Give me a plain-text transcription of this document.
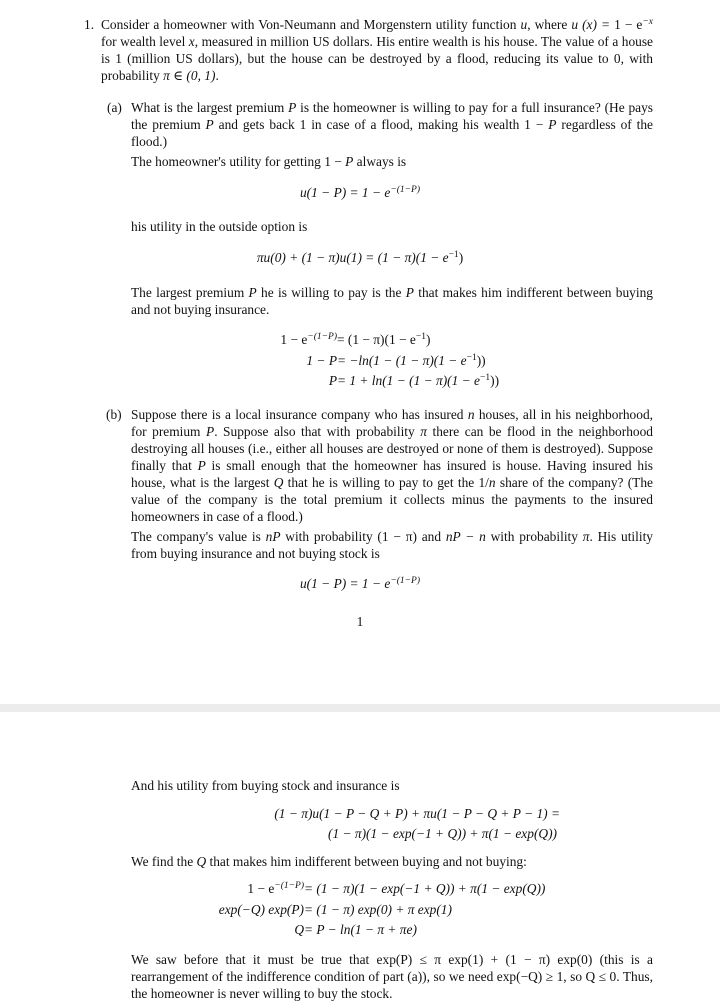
1. Consider a homeowner with Von-Neumann and Morgenstern utility function u, where u $(x) = 1 - e^{-x}$ for wealth level x, measured in million US dollars. His entire wealth is his house. The value of a house is 1 (million US dollars), but the house can be destroyed by a flood, reducing its value to 0, with probability π ∈ (0, 1).
(a) What is the largest premium P is the homeowner is willing to pay for a full insurance? (He pays the premium P and gets back 1 in case of a flood, making his wealth 1 − P regardless of the flood.)
The homeowner's utility for getting 1 − P always is
$u(1 - P) = 1 - e^{-(1-P)}$
his utility in the outside option is
$\pi u(0) + (1 - \pi)u(1) = (1 - \pi)(1 - e^{-1})$
The largest premium P he is willing to pay is the P that makes him indifferent between buying and not buying insurance.
$1 - e^{-(1-P)} = (1 - \pi)(1 - e^{-1})$
$1 - P = -\ln(1 - (1 - \pi)(1 - e^{-1}))$
$P = 1 + \ln(1 - (1 - \pi)(1 - e^{-1}))$
(b) Suppose there is a local insurance company who has insured n houses, all in his neighborhood, for premium P. Suppose also that with probability π there can be flood in the neighborhood destroying all houses (i.e., either all houses are destroyed or none of them is destroyed). Suppose finally that P is small enough that the homeowner has insured is house. Having insured his house, what is the largest Q that he is willing to pay to get the 1/n share of the company? (The value of the company is the total premium it collects minus the payments to the insured homeowners in case of a flood.)
The company's value is nP with probability (1 − π) and nP − n with probability π. His utility from buying insurance and not buying stock is
$u(1 - P) = 1 - e^{-(1-P)}$
1
And his utility from buying stock and insurance is
(1 − π)u(1 − P − Q + P) + πu(1 − P − Q + P − 1) =
(1 − π)(1 − exp(−1 + Q)) + π(1 − exp(Q))
We find the Q that makes him indifferent between buying and not buying:
$1 - e^{-(1-P)} = (1 - \pi)(1 - \exp(-1 + Q)) + \pi(1 - \exp(Q))$
exp(−Q) exp(P) = (1 − π) exp(0) + π exp(1)
Q = P − ln(1 − π + πe)
We saw before that it must be true that exp(P) ≤ π exp(1) + (1 − π) exp(0) (this is a rearrangement of the indifference condition of part (a)), so we need exp(−Q) ≥ 1, so Q ≤ 0. Thus, the homeowner is never willing to buy the stock.
